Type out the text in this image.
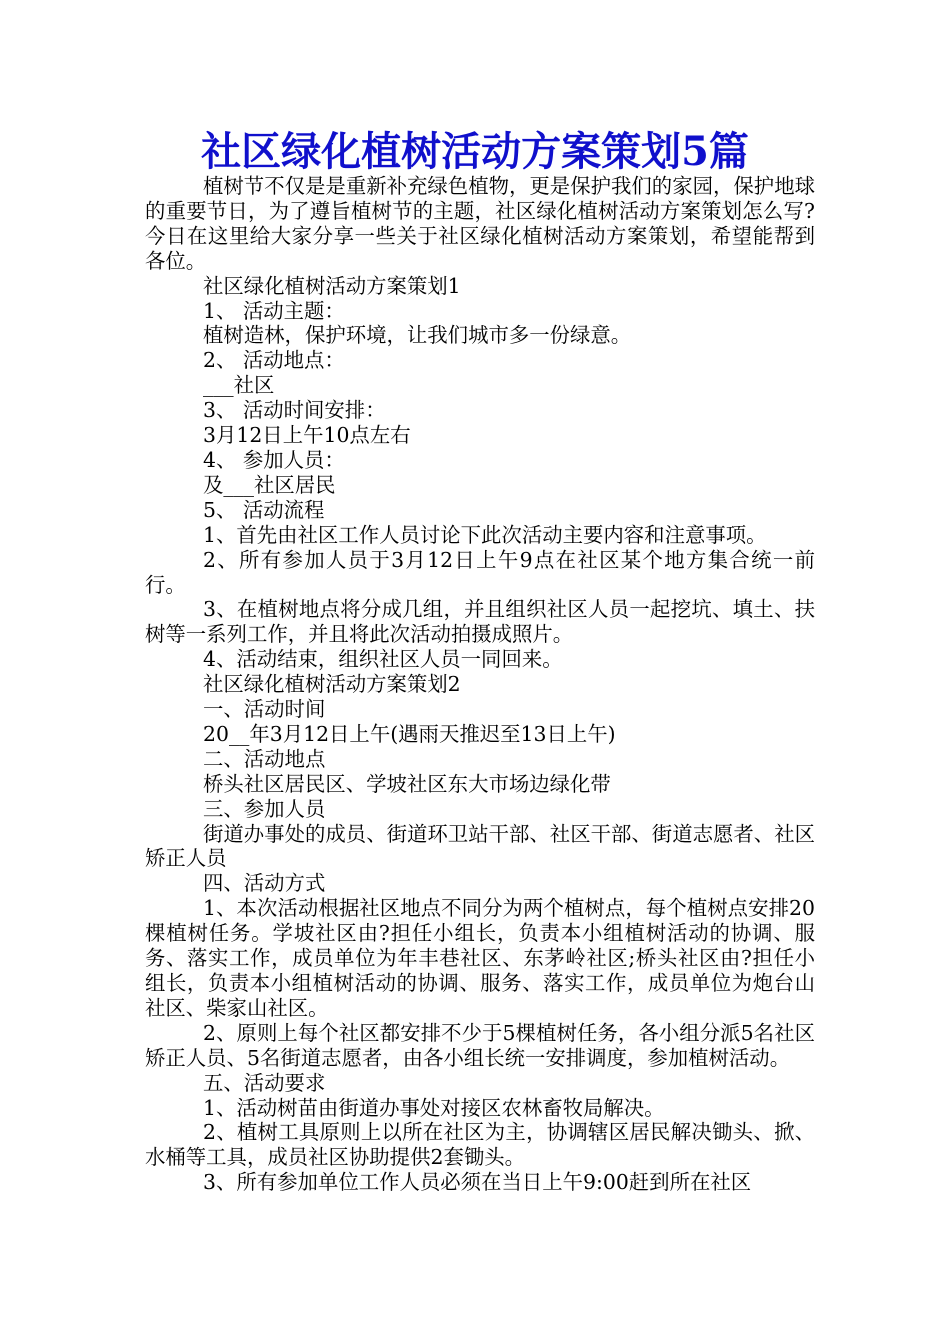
社区绿化植树活动方案策划5篇

植树节不仅是是重新补充绿色植物，更是保护我们的家园，保护地球的重要节日，为了遵旨植树节的主题，社区绿化植树活动方案策划怎么写?今日在这里给大家分享一些关于社区绿化植树活动方案策划，希望能帮到各位。

社区绿化植树活动方案策划1

1、 活动主题：

植树造林，保护环境，让我们城市多一份绿意。

2、 活动地点：

___社区

3、 活动时间安排：

3月12日上午10点左右

4、 参加人员：

及___社区居民

5、 活动流程

1、首先由社区工作人员讨论下此次活动主要内容和注意事项。

2、所有参加人员于3月12日上午9点在社区某个地方集合统一前行。

3、在植树地点将分成几组，并且组织社区人员一起挖坑、填土、扶树等一系列工作，并且将此次活动拍摄成照片。

4、活动结束，组织社区人员一同回来。

社区绿化植树活动方案策划2

一、活动时间

20__年3月12日上午(遇雨天推迟至13日上午)

二、活动地点

桥头社区居民区、学坡社区东大市场边绿化带

三、参加人员

街道办事处的成员、街道环卫站干部、社区干部、街道志愿者、社区矫正人员

四、活动方式

1、本次活动根据社区地点不同分为两个植树点，每个植树点安排20棵植树任务。学坡社区由?担任小组长，负责本小组植树活动的协调、服务、落实工作，成员单位为年丰巷社区、东茅岭社区;桥头社区由?担任小组长，负责本小组植树活动的协调、服务、落实工作，成员单位为炮台山社区、柴家山社区。

2、原则上每个社区都安排不少于5棵植树任务，各小组分派5名社区矫正人员、5名街道志愿者，由各小组长统一安排调度，参加植树活动。

五、活动要求

1、活动树苗由街道办事处对接区农林畜牧局解决。

2、植树工具原则上以所在社区为主，协调辖区居民解决锄头、掀、水桶等工具，成员社区协助提供2套锄头。

3、所有参加单位工作人员必须在当日上午9:00赶到所在社区
